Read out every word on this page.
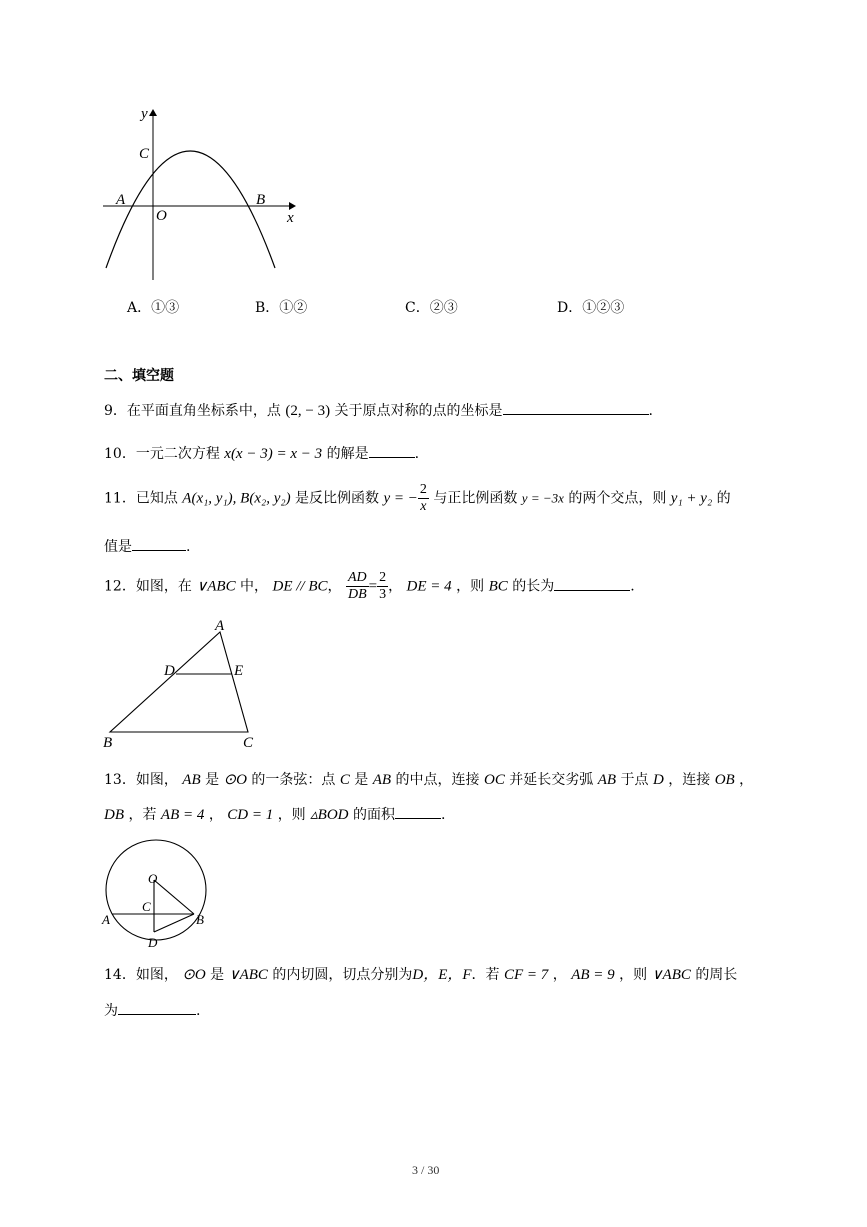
y
x
C
A
O
B
A．①③	B．①②	C．②③	D．①②③
二、填空题
9．在平面直角坐标系中，点 (2, − 3) 关于原点对称的点的坐标是	.
10．一元二次方程 x(x − 3) = x − 3 的解是	.
11．已知点 A(x₁, y₁), B(x₂, y₂) 是反比例函数 y = − $\frac{2}{x}$ 与正比例函数 y = −3x 的两个交点，则 y₁ + y₂ 的
值是	.
12．如图，在 ∨ABC 中， DE // BC， $\frac{AD}{DB} = \frac{2}{3}$ ， DE = 4 ，则 BC 的长为	.
A
D	E
B	C
13．如图， AB 是 ⊙O 的一条弦：点 C 是 AB 的中点，连接 OC 并延长交劣弧 AB 于点 D ，连接 OB ，
DB ，若 AB = 4 ， CD = 1 ，则 ▵BOD 的面积	.
O
C
A	B
D
14．如图， ⊙O 是 ∨ABC 的内切圆，切点分别为D，E，F．若 CF = 7 ， AB = 9 ，则 ∨ABC 的周长
为	.
3 / 30
